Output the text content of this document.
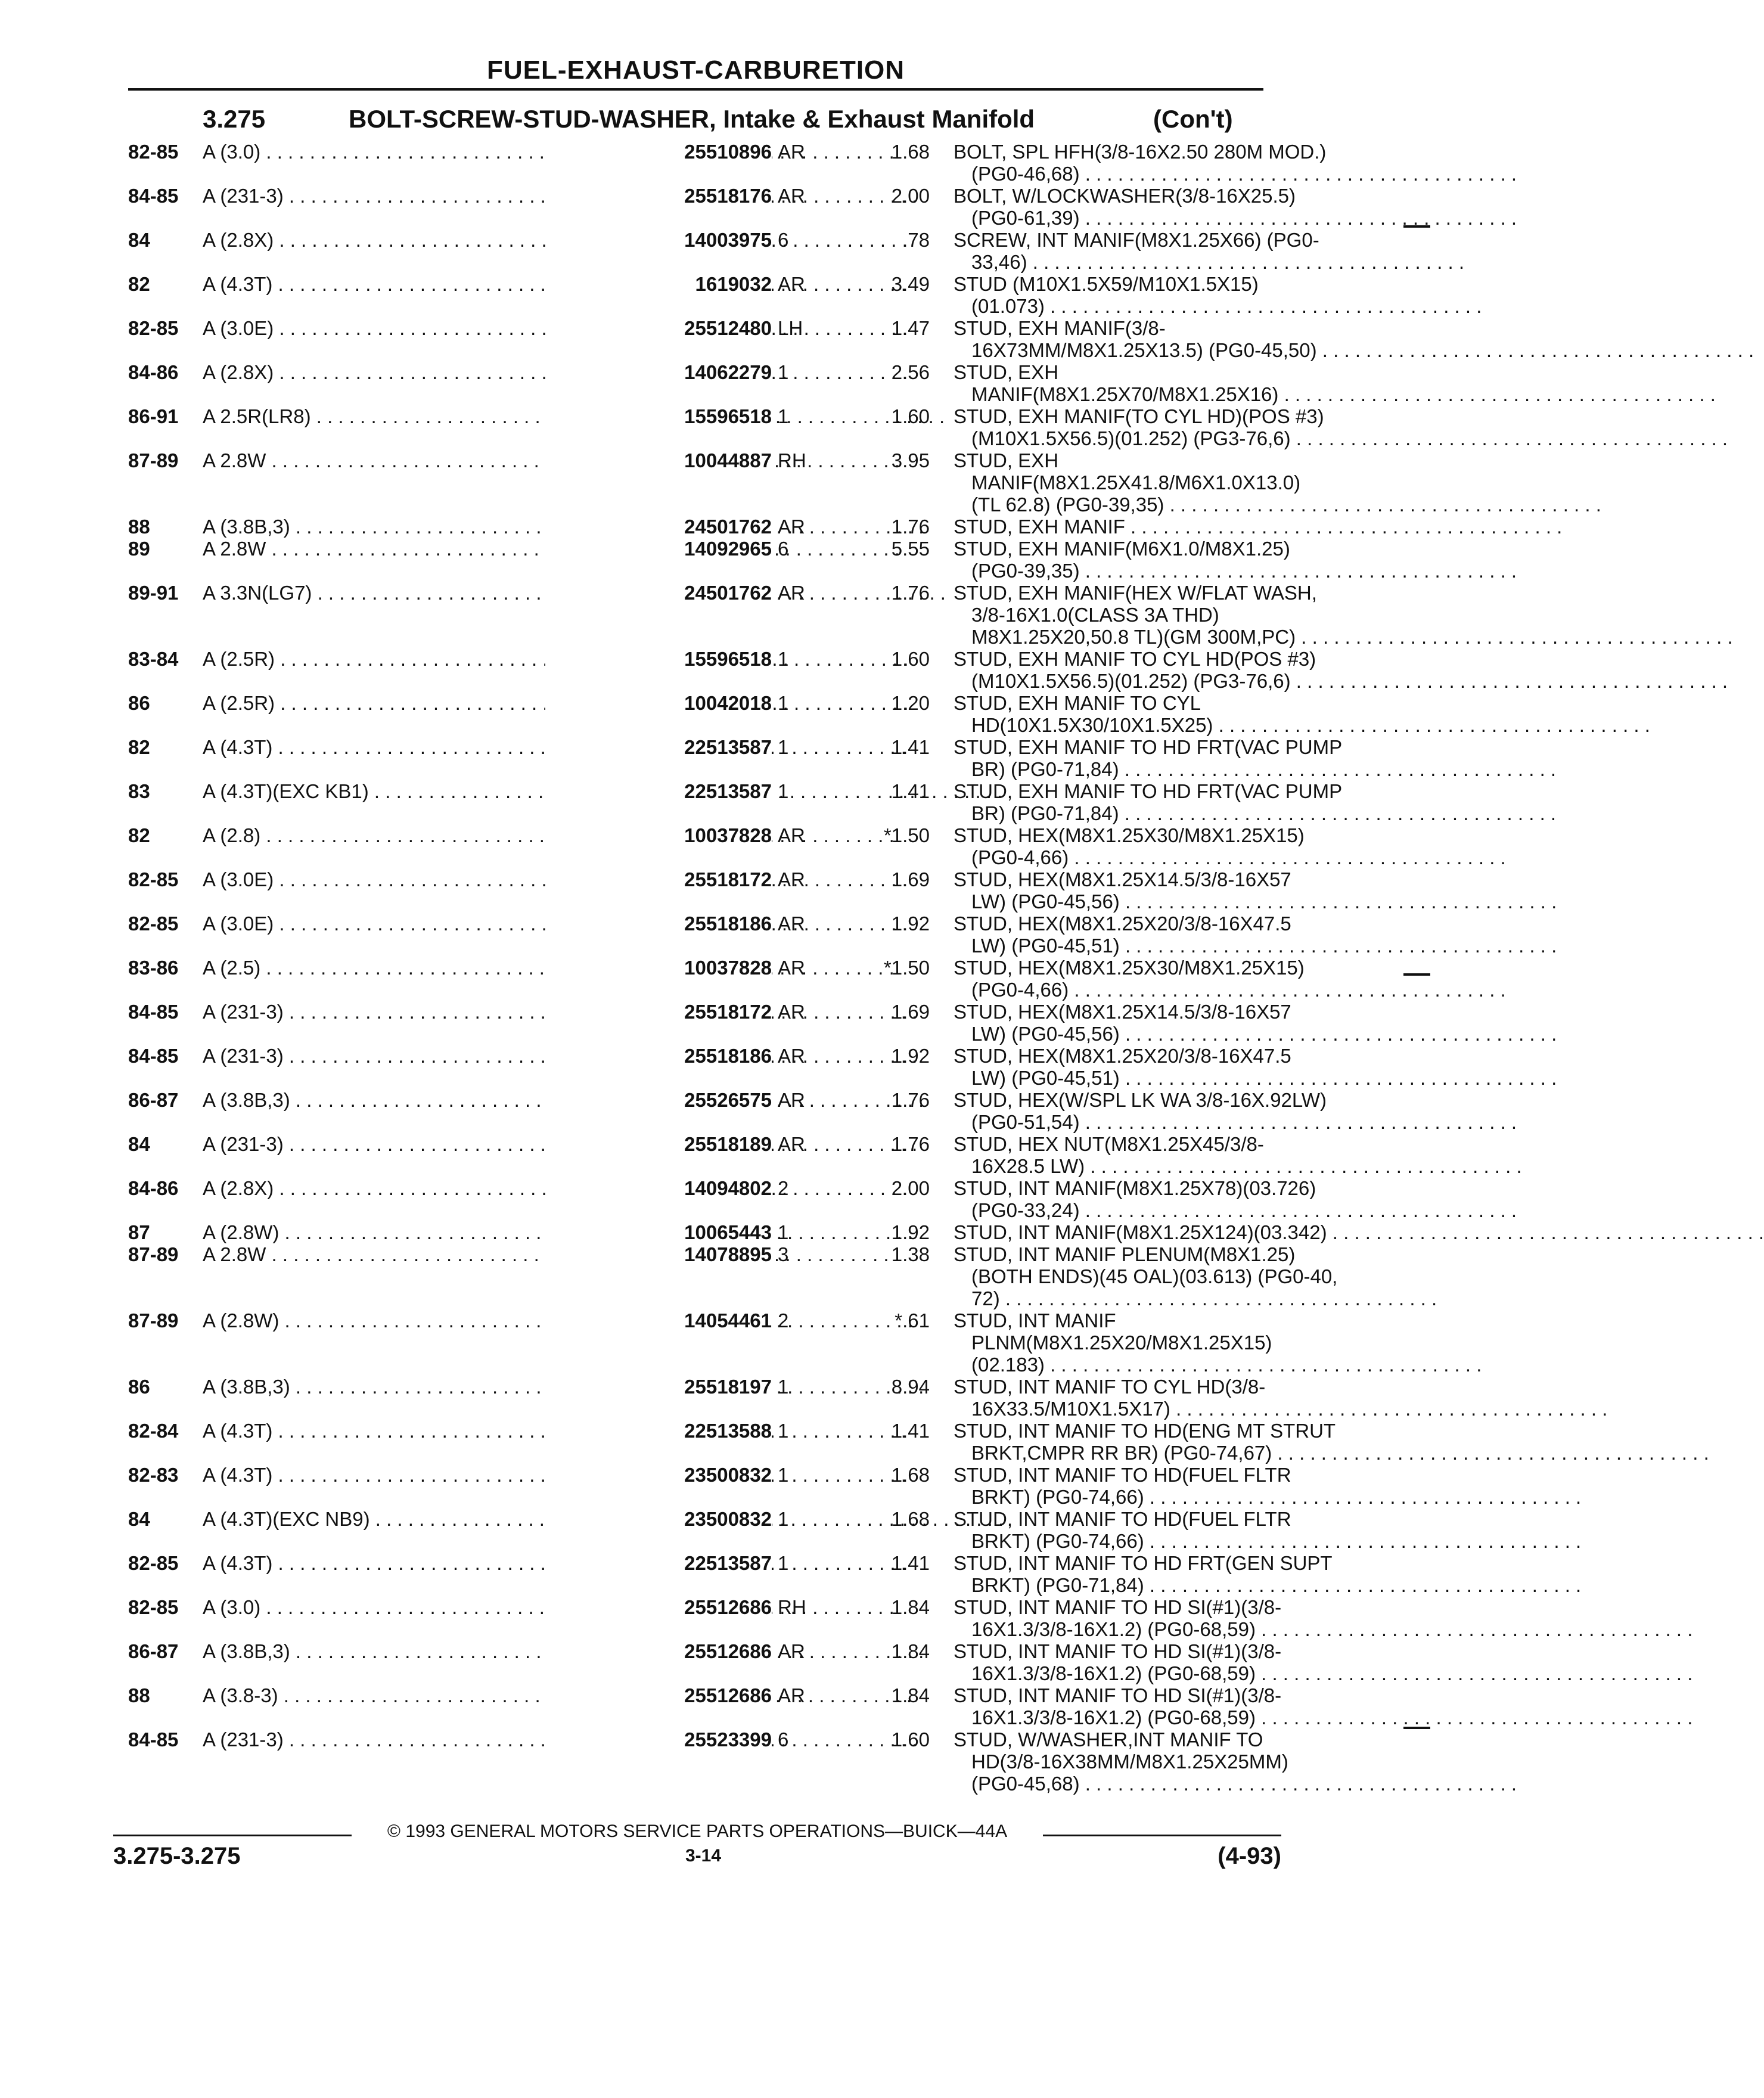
FUEL-EXHAUST-CARBURETION
3.275	BOLT-SCREW-STUD-WASHER, Intake & Exhaust Manifold	(Con't)
82-85 A (3.0) . . .	25510896 AR	1.68 BOLT, SPL HFH(3/8-16X2.50 280M MOD.)
(PG0-46,68) . . .
84-85 A (231-3) . . .	25518176 AR	2.00 BOLT, W/LOCKWASHER(3/8-16X25.5)
(PG0-61,39) . . .
84	A (2.8X) . . .	14003975 6	.78 SCREW, INT MANIF(M8X1.25X66) (PG0-
33,46) . . .
82	A (4.3T) . . .	1619032 AR	3.49 STUD (M10X1.5X59/M10X1.5X15)
(01.073) . . .
82-85 A (3.0E) . . .	25512480 LH	1.47 STUD, EXH MANIF(3/8-
16X73MM/M8X1.25X13.5) (PG0-45,50) . . .
84-86 A (2.8X) . . .	14062279 1	2.56 STUD, EXH
MANIF(M8X1.25X70/M8X1.25X16) . . .
86-91 A 2.5R(LR8) . . .	15596518 1	1.60 STUD, EXH MANIF(TO CYL HD)(POS #3)
(M10X1.5X56.5)(01.252) (PG3-76,6) . . .
87-89 A 2.8W . . .	10044887 RH	3.95 STUD, EXH
MANIF(M8X1.25X41.8/M6X1.0X13.0)
(TL 62.8) (PG0-39,35) . . .
88	A (3.8B,3) . . .	24501762 AR	1.76 STUD, EXH MANIF . . .
89	A 2.8W . . .	14092965 6	5.55 STUD, EXH MANIF(M6X1.0/M8X1.25)
(PG0-39,35) . . .
89-91 A 3.3N(LG7) . . .	24501762 AR	1.76 STUD, EXH MANIF(HEX W/FLAT WASH,
3/8-16X1.0(CLASS 3A THD)
M8X1.25X20,50.8 TL)(GM 300M,PC) . . .
83-84 A (2.5R) . . .	15596518 1	1.60 STUD, EXH MANIF TO CYL HD(POS #3)
(M10X1.5X56.5)(01.252) (PG3-76,6) . . .
86	A (2.5R) . . .	10042018 1	1.20 STUD, EXH MANIF TO CYL
HD(10X1.5X30/10X1.5X25) . . .
82	A (4.3T) . . .	22513587 1	1.41 STUD, EXH MANIF TO HD FRT(VAC PUMP
BR) (PG0-71,84) . . .
83	A (4.3T)(EXC KB1) . . .	22513587 1	1.41 STUD, EXH MANIF TO HD FRT(VAC PUMP
BR) (PG0-71,84) . . .
82	A (2.8) . . .	10037828 AR	*1.50 STUD, HEX(M8X1.25X30/M8X1.25X15)
(PG0-4,66) . . .
82-85 A (3.0E) . . .	25518172 AR	1.69 STUD, HEX(M8X1.25X14.5/3/8-16X57
LW) (PG0-45,56) . . .
82-85 A (3.0E) . . .	25518186 AR	1.92 STUD, HEX(M8X1.25X20/3/8-16X47.5
LW) (PG0-45,51) . . .
83-86 A (2.5) . . .	10037828 AR	*1.50 STUD, HEX(M8X1.25X30/M8X1.25X15)
(PG0-4,66) . . .
84-85 A (231-3) . . .	25518172 AR	1.69 STUD, HEX(M8X1.25X14.5/3/8-16X57
LW) (PG0-45,56) . . .
84-85 A (231-3) . . .	25518186 AR	1.92 STUD, HEX(M8X1.25X20/3/8-16X47.5
LW) (PG0-45,51) . . .
86-87 A (3.8B,3) . . .	25526575 AR	1.76 STUD, HEX(W/SPL LK WA 3/8-16X.92LW)
(PG0-51,54) . . .
84	A (231-3) . . .	25518189 AR	1.76 STUD, HEX NUT(M8X1.25X45/3/8-
16X28.5 LW) . . .
84-86 A (2.8X) . . .	14094802 2	2.00 STUD, INT MANIF(M8X1.25X78)(03.726)
(PG0-33,24) . . .
87	A (2.8W) . . .	10065443 1	1.92 STUD, INT MANIF(M8X1.25X124)(03.342) . . .
87-89 A 2.8W . . .	14078895 3	1.38 STUD, INT MANIF PLENUM(M8X1.25)
(BOTH ENDS)(45 OAL)(03.613) (PG0-40,
72) . . .
87-89 A (2.8W) . . .	14054461 2	*.61 STUD, INT MANIF
PLNM(M8X1.25X20/M8X1.25X15)
(02.183) . . .
86	A (3.8B,3) . . .	25518197 1	8.94 STUD, INT MANIF TO CYL HD(3/8-
16X33.5/M10X1.5X17) . . .
82-84 A (4.3T) . . .	22513588 1	1.41 STUD, INT MANIF TO HD(ENG MT STRUT
BRKT,CMPR RR BR) (PG0-74,67) . . .
82-83 A (4.3T) . . .	23500832 1	1.68 STUD, INT MANIF TO HD(FUEL FLTR
BRKT) (PG0-74,66) . . .
84	A (4.3T)(EXC NB9) . . .	23500832 1	1.68 STUD, INT MANIF TO HD(FUEL FLTR
BRKT) (PG0-74,66) . . .
82-85 A (4.3T) . . .	22513587 1	1.41 STUD, INT MANIF TO HD FRT(GEN SUPT
BRKT) (PG0-71,84) . . .
82-85 A (3.0) . . .	25512686 RH	1.84 STUD, INT MANIF TO HD SI(#1)(3/8-
16X1.3/3/8-16X1.2) (PG0-68,59) . . .
86-87 A (3.8B,3) . . .	25512686 AR	1.84 STUD, INT MANIF TO HD SI(#1)(3/8-
16X1.3/3/8-16X1.2) (PG0-68,59) . . .
88	A (3.8-3) . . .	25512686 AR	1.84 STUD, INT MANIF TO HD SI(#1)(3/8-
16X1.3/3/8-16X1.2) (PG0-68,59) . . .
84-85 A (231-3) . . .	25523399 6	1.60 STUD, W/WASHER,INT MANIF TO
HD(3/8-16X38MM/M8X1.25X25MM)
(PG0-45,68) . . .
© 1993 GENERAL MOTORS SERVICE PARTS OPERATIONS—BUICK—44A
3.275-3.275	3-14	(4-93)
